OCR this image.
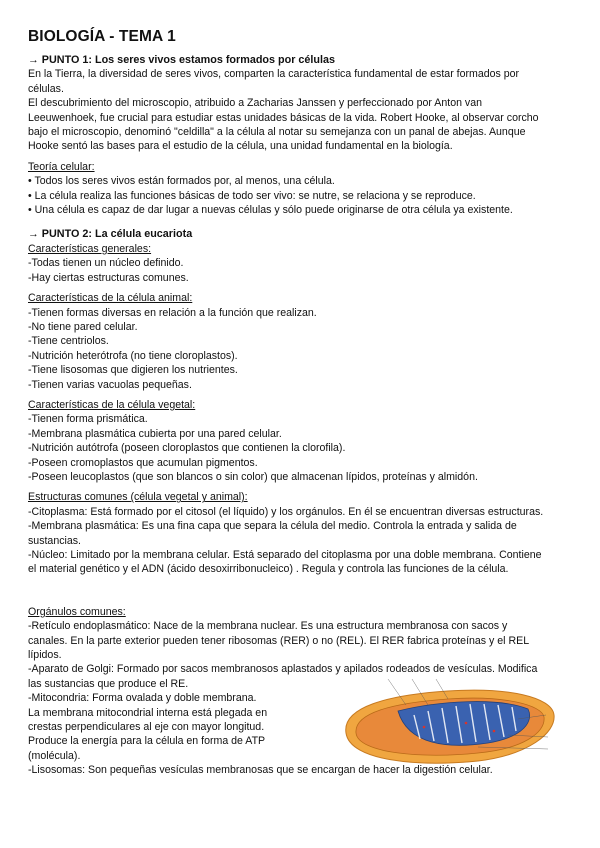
BIOLOGÍA - TEMA 1

→ PUNTO 1: Los seres vivos estamos formados por células

En la Tierra, la diversidad de seres vivos, comparten la característica fundamental de estar formados por

células.

El descubrimiento del microscopio, atribuido a Zacharias Janssen y perfeccionado por Anton van

Leeuwenhoek, fue crucial para estudiar estas unidades básicas de la vida. Robert Hooke, al observar corcho

bajo el microscopio, denominó "celdilla" a la célula al notar su semejanza con un panal de abejas. Aunque

Hooke sentó las bases para el estudio de la célula, una unidad fundamental en la biología.

Teoría celular:

• Todos los seres vivos están formados por, al menos, una célula.

• La célula realiza las funciones básicas de todo ser vivo: se nutre, se relaciona y se reproduce.

• Una célula es capaz de dar lugar a nuevas células y sólo puede originarse de otra célula ya existente.

→ PUNTO 2: La célula eucariota

Características generales:

-Todas tienen un núcleo definido.

-Hay ciertas estructuras comunes.

Características de la célula animal:

-Tienen formas diversas en relación a la función que realizan.

-No tiene pared celular.

-Tiene centriolos.

-Nutrición heterótrofa (no tiene cloroplastos).

-Tiene lisosomas que digieren los nutrientes.

-Tienen varias vacuolas pequeñas.

Características de la célula vegetal:

-Tienen forma prismática.

-Membrana plasmática cubierta por una pared celular.

-Nutrición autótrofa (poseen cloroplastos que contienen la clorofila).

-Poseen cromoplastos que acumulan pigmentos.

-Poseen leucoplastos (que son blancos o sin color) que almacenan lípidos, proteínas y almidón.

Estructuras comunes (célula vegetal y animal):

-Citoplasma: Está formado por el citosol (el líquido) y los orgánulos. En él se encuentran diversas estructuras.

-Membrana plasmática: Es una fina capa que separa la célula del medio. Controla la entrada y salida de

sustancias.

-Núcleo: Limitado por la membrana celular. Está separado del citoplasma por una doble membrana. Contiene

el material genético y el ADN (ácido desoxirribonucleico) . Regula y controla las funciones de la célula.

Orgánulos comunes:

-Retículo endoplasmático: Nace de la membrana nuclear. Es una estructura membranosa con sacos y

canales. En la parte exterior pueden tener ribosomas (RER) o no (REL). El RER fabrica proteínas y el REL

lípidos.

-Aparato de Golgi: Formado por sacos membranosos aplastados y apilados rodeados de vesículas. Modifica

las sustancias que produce el RE.

-Mitocondria: Forma ovalada y doble membrana.

La membrana mitocondrial interna está plegada en

crestas perpendiculares al eje con mayor longitud.

Produce la energía para la célula en forma de ATP

(molécula).

-Lisosomas: Son pequeñas vesículas membranosas que se encargan de hacer la digestión celular.
